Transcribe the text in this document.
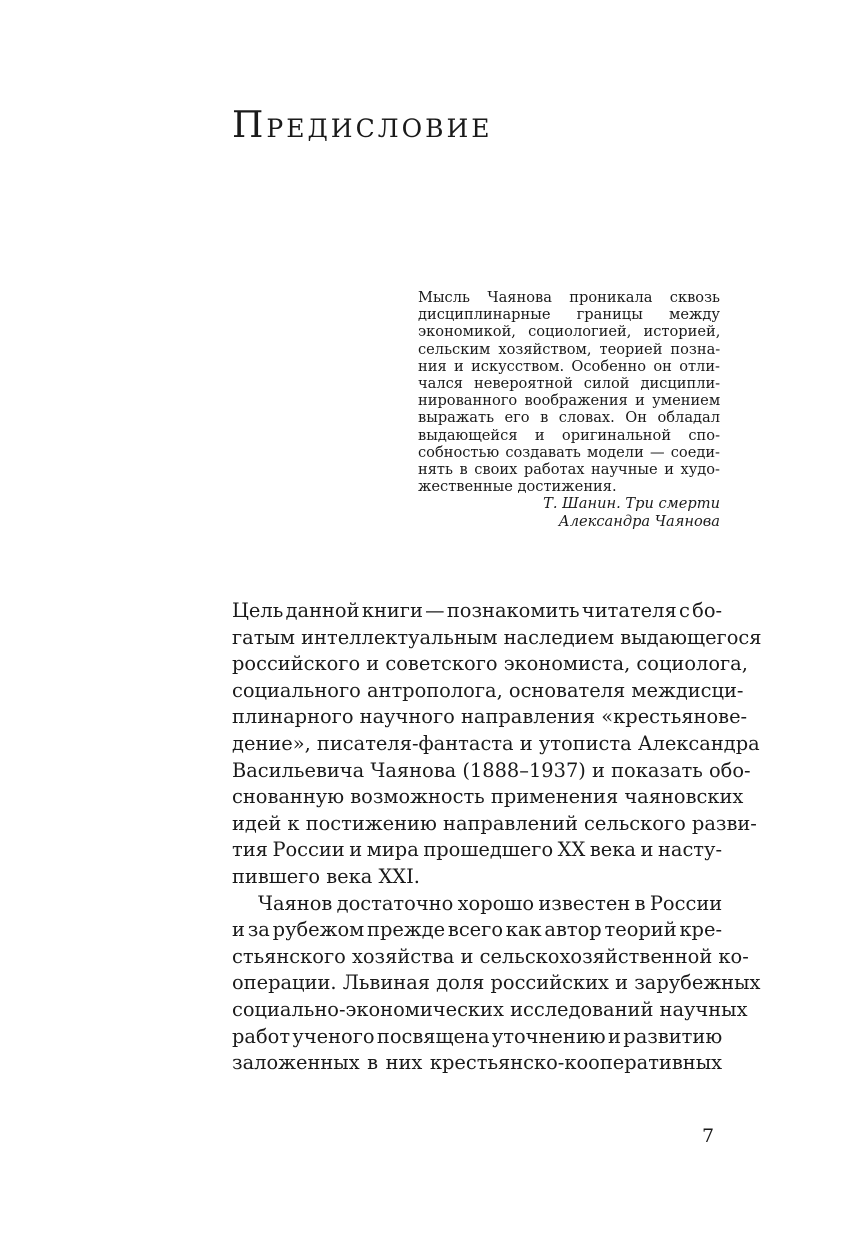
Предисловие
Мысль Чаянова проникала сквозь
дисциплинарные границы между
экономикой, социологией, историей,
сельским хозяйством, теорией позна-
ния и искусством. Особенно он отли-
чался невероятной силой дисципли-
нированного воображения и умением
выражать его в словах. Он обладал
выдающейся и оригинальной спо-
собностью создавать модели — соеди-
нять в своих работах научные и худо-
жественные достижения.
Т. Шанин. Три смерти
Александра Чаянова
Цель данной книги — познакомить читателя с бо-
гатым интеллектуальным наследием выдающегося
российского и советского экономиста, социолога,
социального антрополога, основателя междисци-
плинарного научного направления «крестьянове-
дение», писателя-фантаста и утописта Александра
Васильевича Чаянова (1888–1937) и показать обо-
снованную возможность применения чаяновских
идей к постижению направлений сельского разви-
тия России и мира прошедшего XX века и насту-
пившего века XXI.
Чаянов достаточно хорошо известен в России
и за рубежом прежде всего как автор теорий кре-
стьянского хозяйства и сельскохозяйственной ко-
операции. Львиная доля российских и зарубежных
социально-экономических исследований научных
работ ученого посвящена уточнению и развитию
заложенных в них крестьянско-кооперативных
7
